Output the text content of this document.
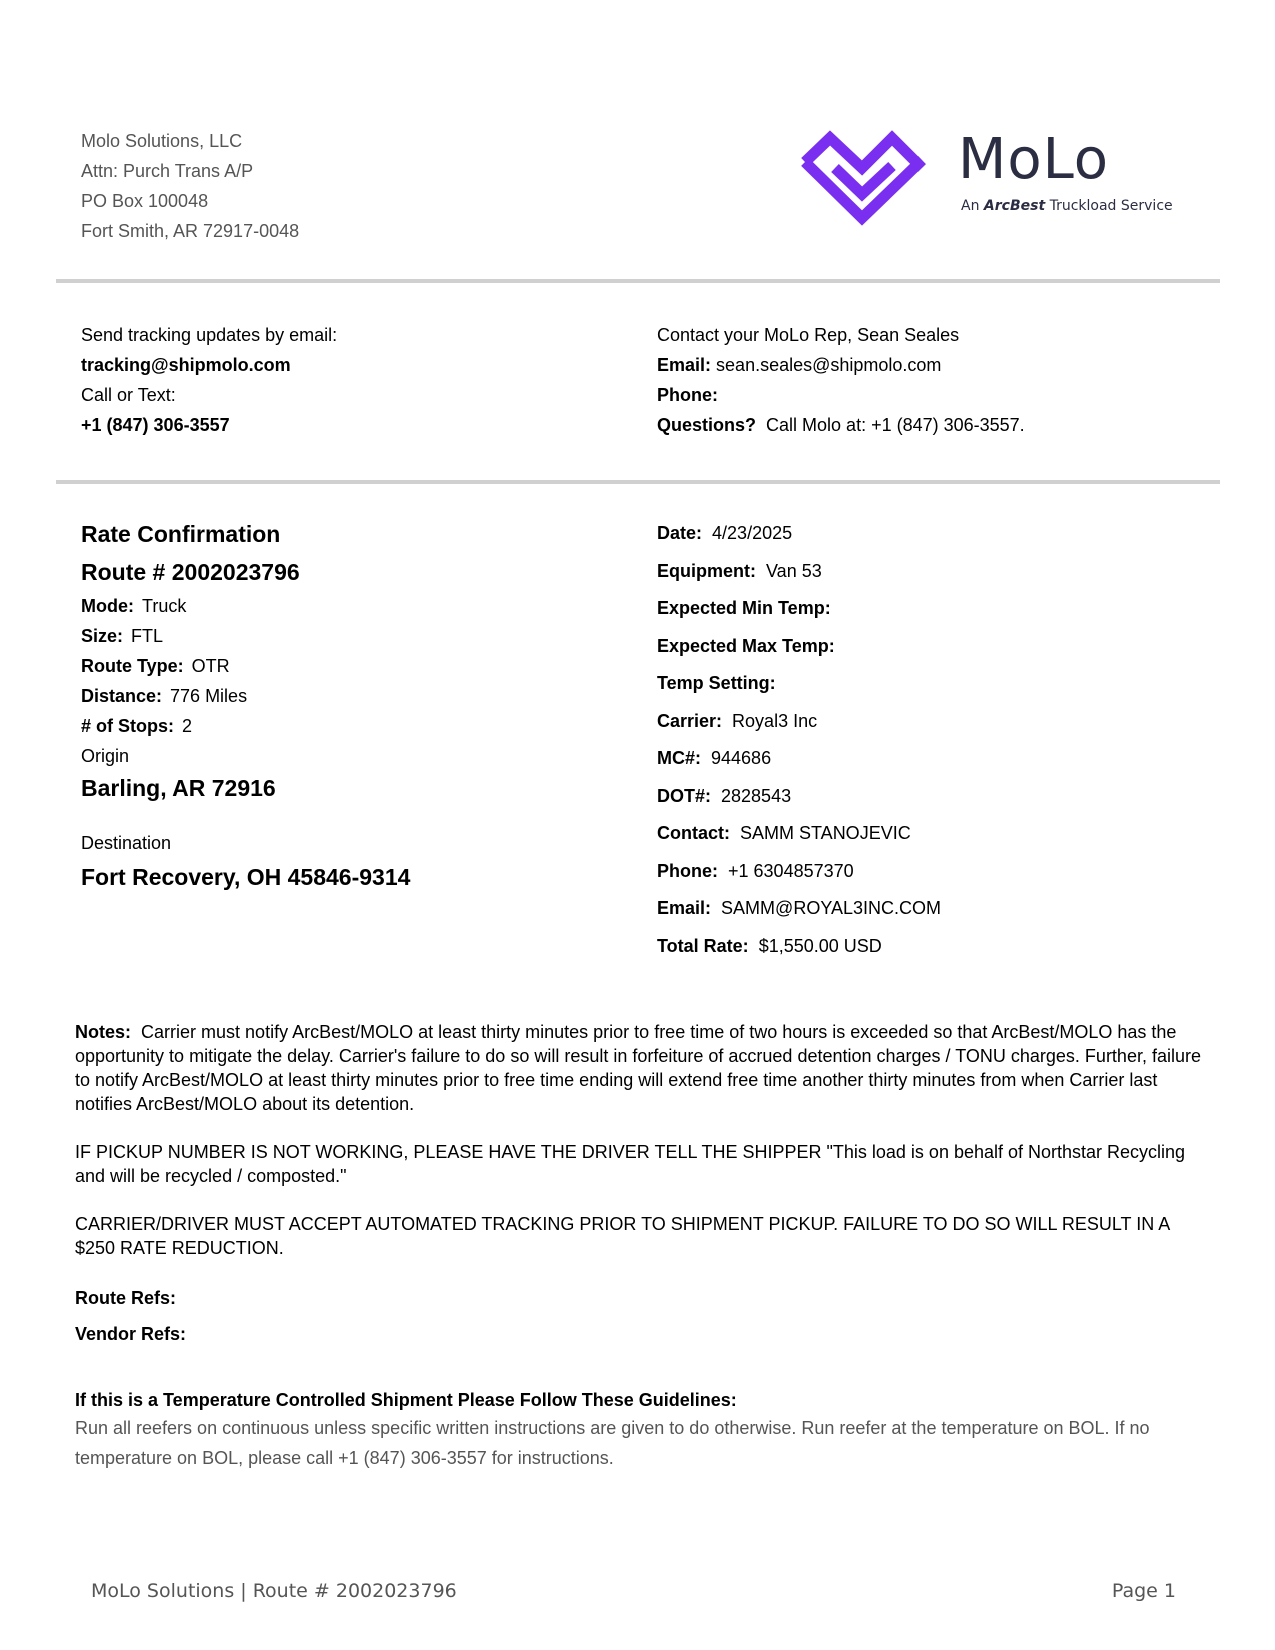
Molo Solutions, LLC
Attn: Purch Trans A/P
PO Box 100048
Fort Smith, AR 72917-0048
MoLo
An ArcBest Truckload Service
Send tracking updates by email:
tracking@shipmolo.com
Call or Text:
+1 (847) 306-3557
Contact your MoLo Rep, Sean Seales
Email: sean.seales@shipmolo.com
Phone:
Questions? Call Molo at: +1 (847) 306-3557.
Rate Confirmation
Route # 2002023796
Mode: Truck
Size: FTL
Route Type: OTR
Distance: 776 Miles
# of Stops: 2
Origin
Barling, AR 72916
Destination
Fort Recovery, OH 45846-9314
Date: 4/23/2025
Equipment: Van 53
Expected Min Temp:
Expected Max Temp:
Temp Setting:
Carrier: Royal3 Inc
MC#: 944686
DOT#: 2828543
Contact: SAMM STANOJEVIC
Phone: +1 6304857370
Email: SAMM@ROYAL3INC.COM
Total Rate: $1,550.00 USD

Notes: Carrier must notify ArcBest/MOLO at least thirty minutes prior to free time of two hours is exceeded so that ArcBest/MOLO has the opportunity to mitigate the delay. Carrier's failure to do so will result in forfeiture of accrued detention charges / TONU charges. Further, failure to notify ArcBest/MOLO at least thirty minutes prior to free time ending will extend free time another thirty minutes from when Carrier last notifies ArcBest/MOLO about its detention.

IF PICKUP NUMBER IS NOT WORKING, PLEASE HAVE THE DRIVER TELL THE SHIPPER "This load is on behalf of Northstar Recycling and will be recycled / composted."

CARRIER/DRIVER MUST ACCEPT AUTOMATED TRACKING PRIOR TO SHIPMENT PICKUP. FAILURE TO DO SO WILL RESULT IN A $250 RATE REDUCTION.

Route Refs:
Vendor Refs:
If this is a Temperature Controlled Shipment Please Follow These Guidelines:
Run all reefers on continuous unless specific written instructions are given to do otherwise. Run reefer at the temperature on BOL. If no temperature on BOL, please call +1 (847) 306-3557 for instructions.
MoLo Solutions | Route # 2002023796	Page 1
